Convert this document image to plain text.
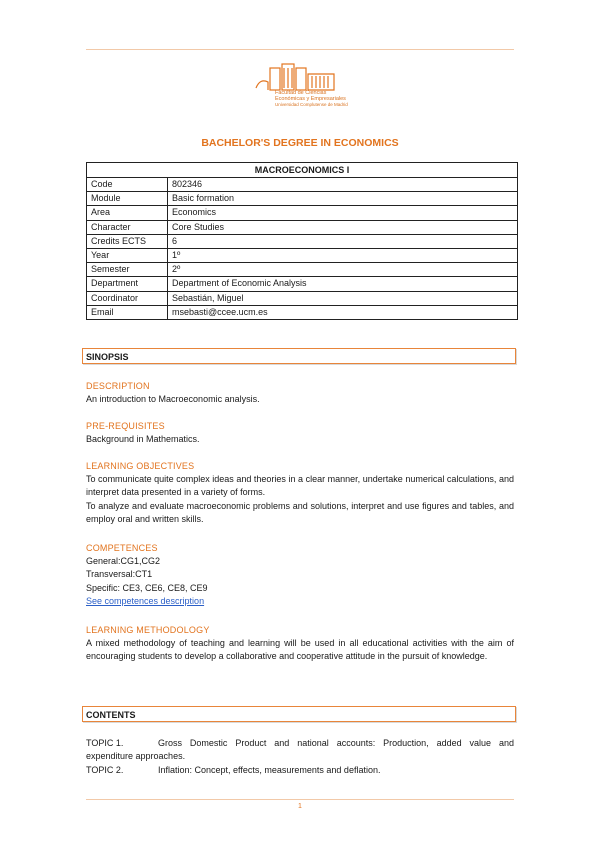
Facultad de Ciencias
Económicas y Empresariales
Universidad Complutense de Madrid
BACHELOR'S DEGREE IN ECONOMICS
MACROECONOMICS I	
Code	802346
Module	Basic formation
Area	Economics
Character	Core Studies
Credits ECTS	6
Year	1º
Semester	2º
Department	Department of Economic Analysis
Coordinator	Sebastián, Miguel
Email	msebasti@ccee.ucm.es
SINOPSIS
DESCRIPTION
An introduction to Macroeconomic analysis.
PRE-REQUISITES
Background in Mathematics.
LEARNING OBJECTIVES
To communicate quite complex ideas and theories in a clear manner, undertake numerical calculations, and interpret data presented in a variety of forms.
To analyze and evaluate macroeconomic problems and solutions, interpret and use figures and tables, and employ oral and written skills.
COMPETENCES
General:CG1,CG2
Transversal:CT1
Specific: CE3, CE6, CE8, CE9
See competences description
LEARNING METHODOLOGY
A mixed methodology of teaching and learning will be used in all educational activities with the aim of encouraging students to develop a collaborative and cooperative attitude in the pursuit of knowledge.
CONTENTS
TOPIC 1.	Gross Domestic Product and national accounts: Production, added value and expenditure approaches.
TOPIC 2.	Inflation: Concept, effects, measurements and deflation.
1
